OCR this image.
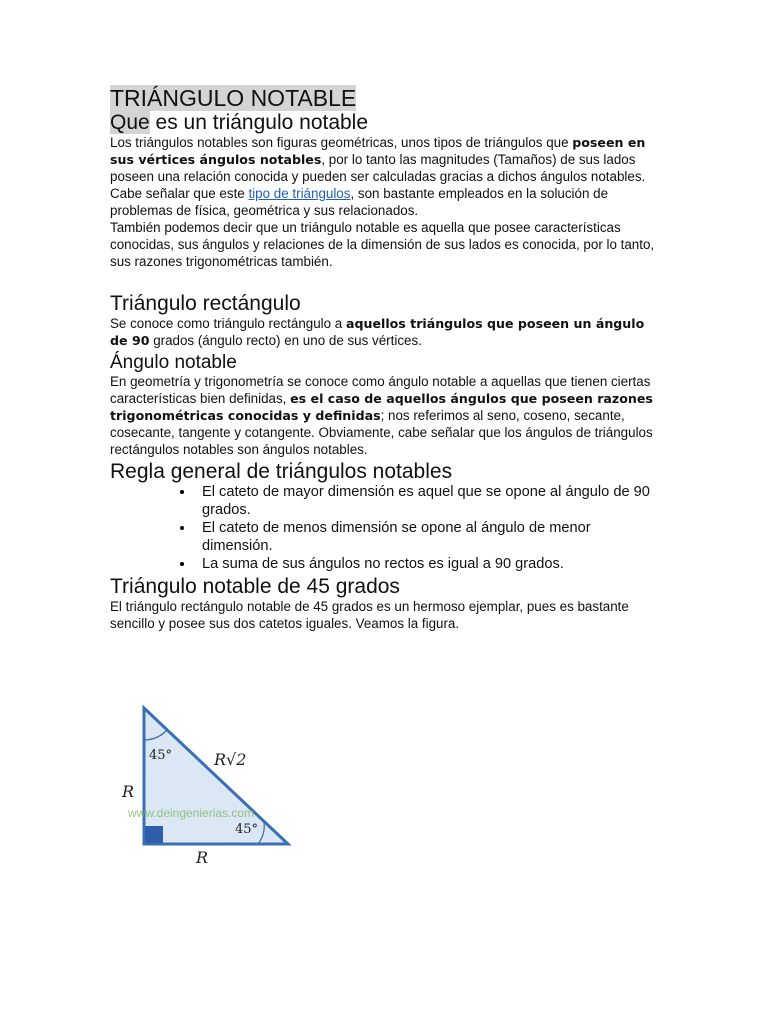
TRIÁNGULO NOTABLE
Que es un triángulo notable

Los triángulos notables son figuras geométricas, unos tipos de triángulos que poseen en sus vértices ángulos notables, por lo tanto las magnitudes (Tamaños) de sus lados poseen una relación conocida y pueden ser calculadas gracias a dichos ángulos notables. Cabe señalar que este tipo de triángulos, son bastante empleados en la solución de problemas de física, geométrica y sus relacionados.

También podemos decir que un triángulo notable es aquella que posee características conocidas, sus ángulos y relaciones de la dimensión de sus lados es conocida, por lo tanto, sus razones trigonométricas también.

Triángulo rectángulo

Se conoce como triángulo rectángulo a aquellos triángulos que poseen un ángulo de 90 grados (ángulo recto) en uno de sus vértices.

Ángulo notable

En geometría y trigonometría se conoce como ángulo notable a aquellas que tienen ciertas características bien definidas, es el caso de aquellos ángulos que poseen razones trigonométricas conocidas y definidas; nos referimos al seno, coseno, secante, cosecante, tangente y cotangente. Obviamente, cabe señalar que los ángulos de triángulos rectángulos notables son ángulos notables.

Regla general de triángulos notables
El cateto de mayor dimensión es aquel que se opone al ángulo de 90 grados.
El cateto de menos dimensión se opone al ángulo de menor dimensión.
La suma de sus ángulos no rectos es igual a 90 grados.
Triángulo notable de 45 grados

El triángulo rectángulo notable de 45 grados es un hermoso ejemplar, pues es bastante sencillo y posee sus dos catetos iguales. Veamos la figura.

45°
45°
R√2
R
R
www.deingenierias.com
